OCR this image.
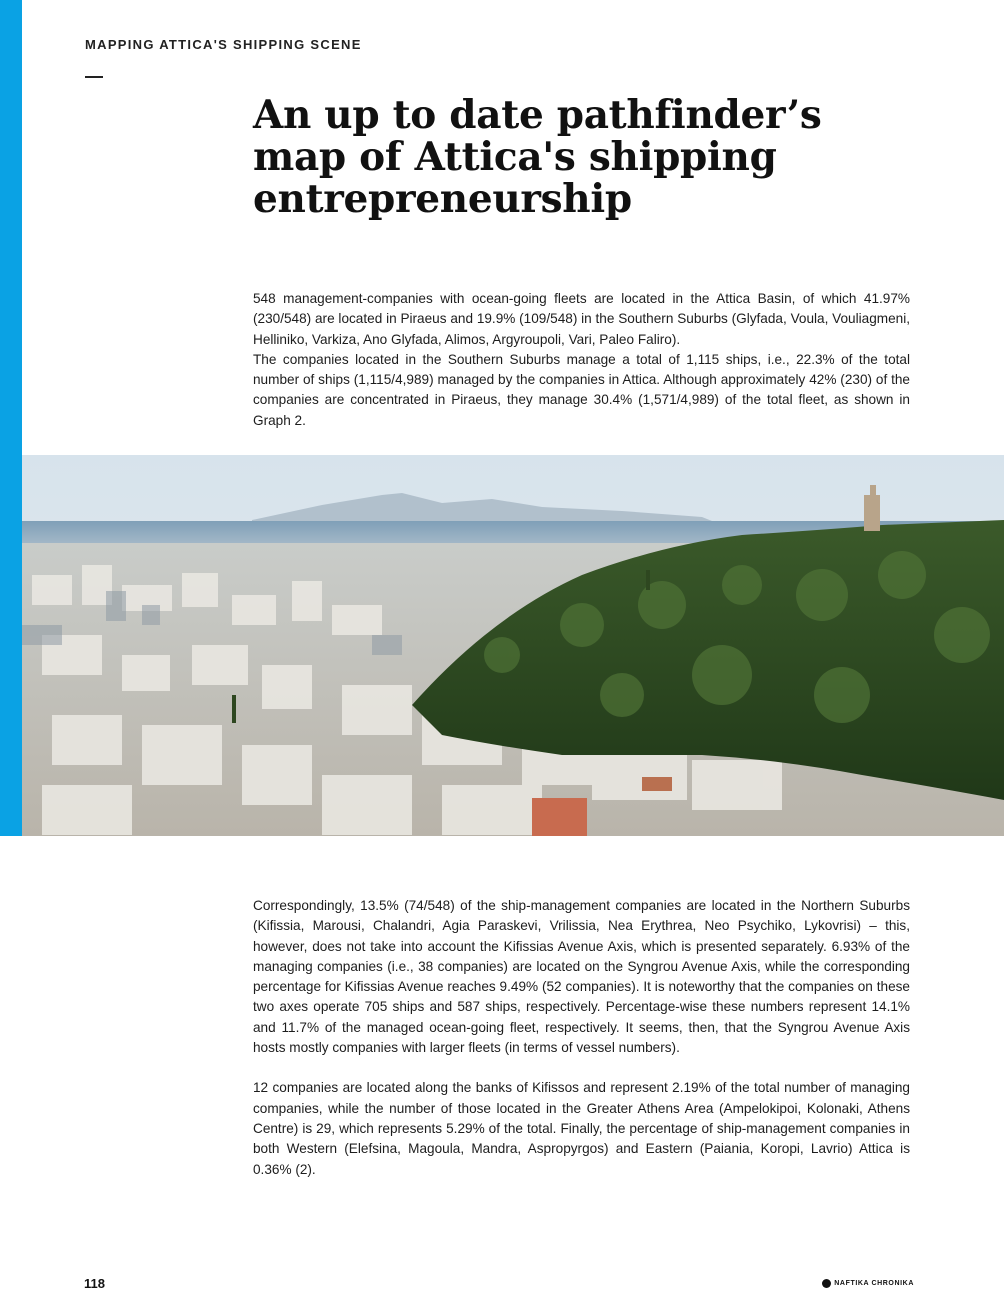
MAPPING ATTICA'S SHIPPING SCENE
An up to date pathfinder’s
map of Attica's shipping
entrepreneurship

548 management-companies with ocean-going fleets are located in the Attica Basin, of which 41.97% (230/548) are located in Piraeus and 19.9% (109/548) in the Southern Suburbs (Glyfada, Voula, Vouliagmeni, Helliniko, Varkiza, Ano Glyfada, Alimos, Argyroupoli, Vari, Paleo Faliro).

The companies located in the Southern Suburbs manage a total of 1,115 ships, i.e., 22.3% of the total number of ships (1,115/4,989) managed by the companies in Attica. Although approximately 42% (230) of the companies are concentrated in Piraeus, they manage 30.4% (1,571/4,989) of the total fleet, as shown in Graph 2.

Correspondingly, 13.5% (74/548) of the ship-management companies are located in the Northern Suburbs (Kifissia, Marousi, Chalandri, Agia Paraskevi, Vrilissia, Nea Erythrea, Neo Psychiko, Lykovrisi) – this, however, does not take into account the Kifissias Avenue Axis, which is presented separately. 6.93% of the managing companies (i.e., 38 companies) are located on the Syngrou Avenue Axis, while the corresponding percentage for Kifissias Avenue reaches 9.49% (52 companies). It is noteworthy that the companies on these two axes operate 705 ships and 587 ships, respectively. Percentage-wise these numbers represent 14.1% and 11.7% of the managed ocean-going fleet, respectively. It seems, then, that the Syngrou Avenue Axis hosts mostly companies with larger fleets (in terms of vessel numbers).

12 companies are located along the banks of Kifissos and represent 2.19% of the total number of managing companies, while the number of those located in the Greater Athens Area (Ampelokipoi, Kolonaki, Athens Centre) is 29, which represents 5.29% of the total. Finally, the percentage of ship-management companies in both Western (Elefsina, Magoula, Mandra, Aspropyrgos) and Eastern (Paiania, Koropi, Lavrio) Attica is 0.36% (2).

118	NAFTIKA CHRONIKA
